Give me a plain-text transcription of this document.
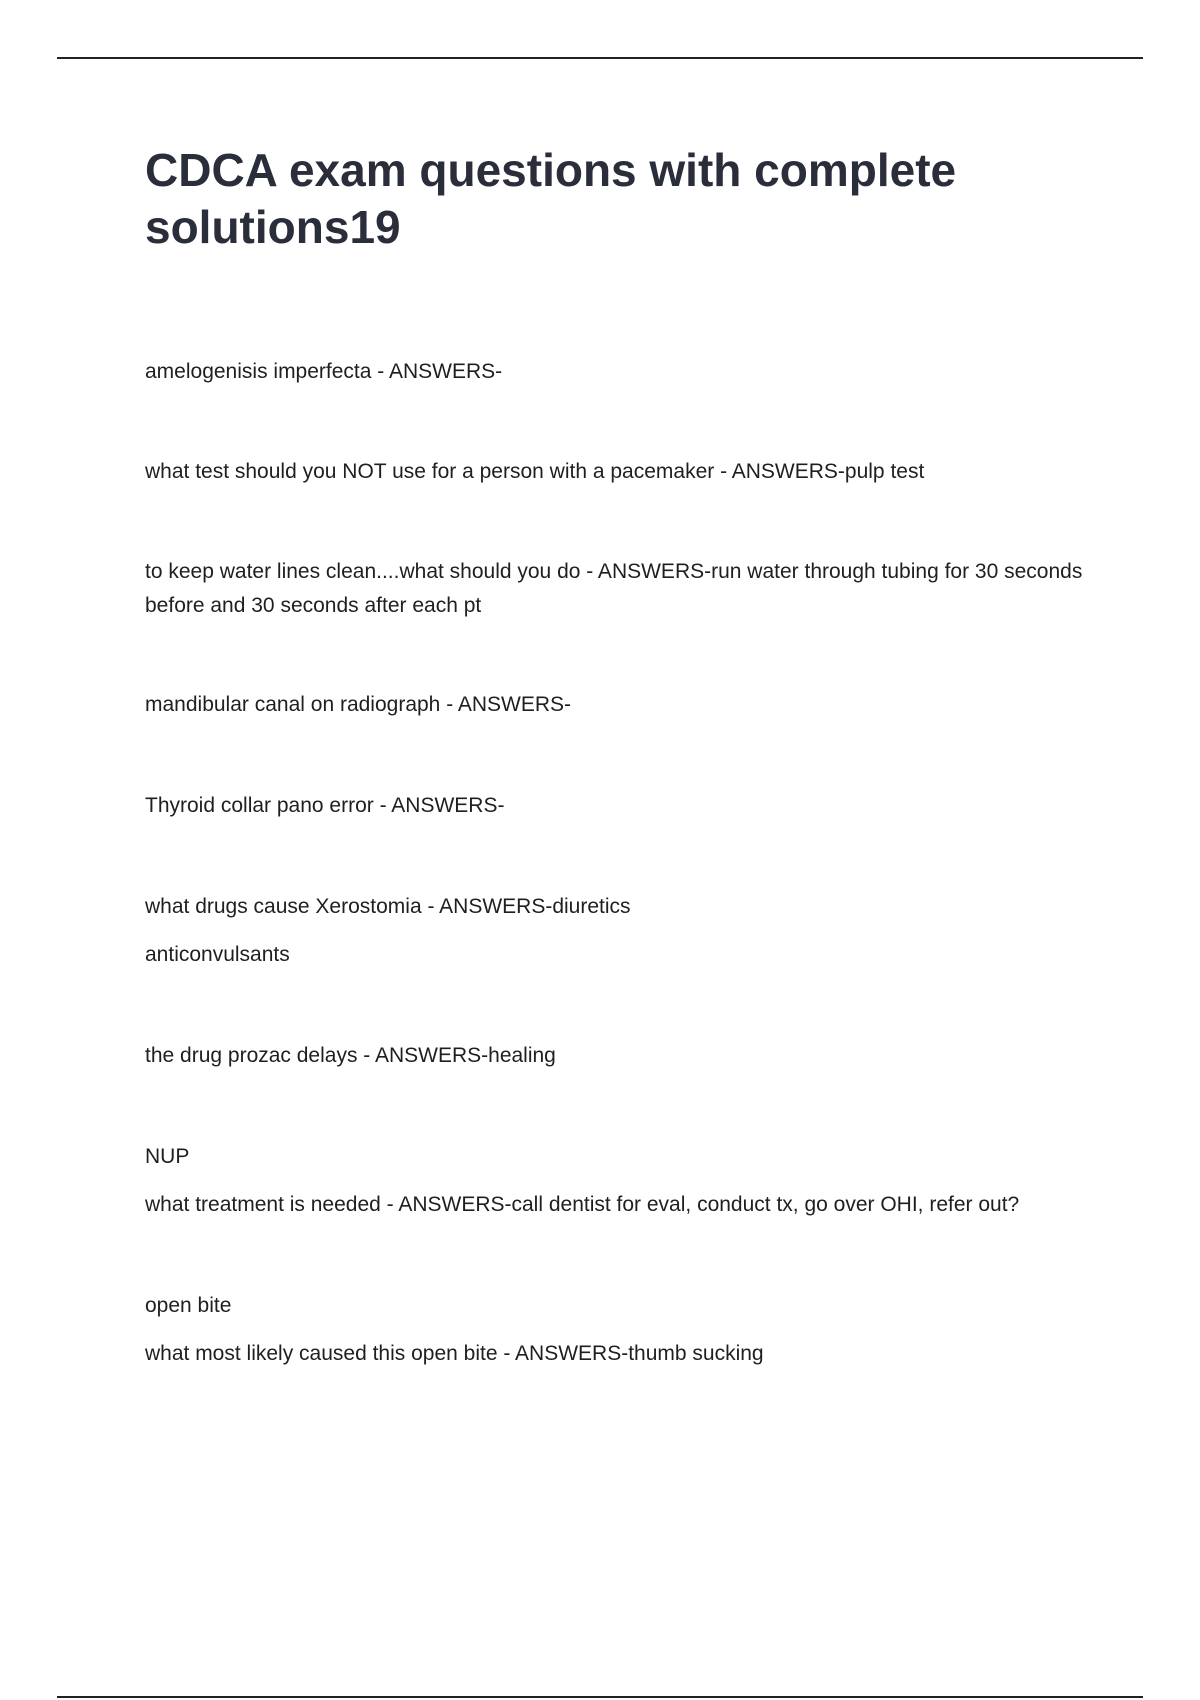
CDCA exam questions with complete solutions19

amelogenisis imperfecta - ANSWERS-

what test should you NOT use for a person with a pacemaker - ANSWERS-pulp test

to keep water lines clean....what should you do - ANSWERS-run water through tubing for 30 seconds before and 30 seconds after each pt

mandibular canal on radiograph - ANSWERS-

Thyroid collar pano error - ANSWERS-

what drugs cause Xerostomia - ANSWERS-diuretics

anticonvulsants

the drug prozac delays - ANSWERS-healing

NUP

what treatment is needed - ANSWERS-call dentist for eval, conduct tx, go over OHI, refer out?

open bite

what most likely caused this open bite - ANSWERS-thumb sucking
